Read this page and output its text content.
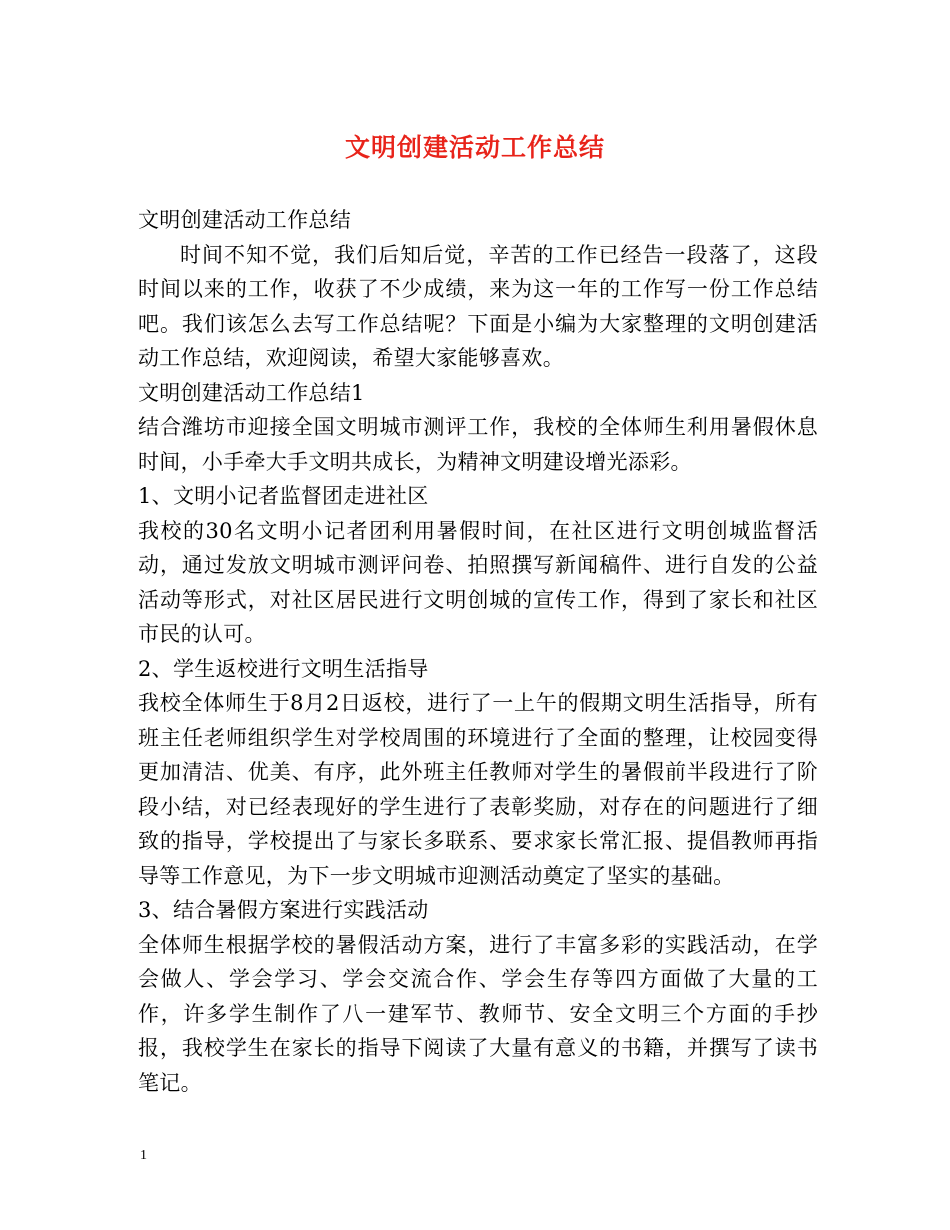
文明创建活动工作总结

文明创建活动工作总结

时间不知不觉，我们后知后觉，辛苦的工作已经告一段落了，这段时间以来的工作，收获了不少成绩，来为这一年的工作写一份工作总结吧。我们该怎么去写工作总结呢？下面是小编为大家整理的文明创建活动工作总结，欢迎阅读，希望大家能够喜欢。

文明创建活动工作总结1

结合潍坊市迎接全国文明城市测评工作，我校的全体师生利用暑假休息时间，小手牵大手文明共成长，为精神文明建设增光添彩。

1、文明小记者监督团走进社区

我校的30名文明小记者团利用暑假时间，在社区进行文明创城监督活动，通过发放文明城市测评问卷、拍照撰写新闻稿件、进行自发的公益活动等形式，对社区居民进行文明创城的宣传工作，得到了家长和社区市民的认可。

2、学生返校进行文明生活指导

我校全体师生于8月2日返校，进行了一上午的假期文明生活指导，所有班主任老师组织学生对学校周围的环境进行了全面的整理，让校园变得更加清洁、优美、有序，此外班主任教师对学生的暑假前半段进行了阶段小结，对已经表现好的学生进行了表彰奖励，对存在的问题进行了细致的指导，学校提出了与家长多联系、要求家长常汇报、提倡教师再指导等工作意见，为下一步文明城市迎测活动奠定了坚实的基础。

3、结合暑假方案进行实践活动

全体师生根据学校的暑假活动方案，进行了丰富多彩的实践活动，在学会做人、学会学习、学会交流合作、学会生存等四方面做了大量的工作，许多学生制作了八一建军节、教师节、安全文明三个方面的手抄报，我校学生在家长的指导下阅读了大量有意义的书籍，并撰写了读书笔记。

1
